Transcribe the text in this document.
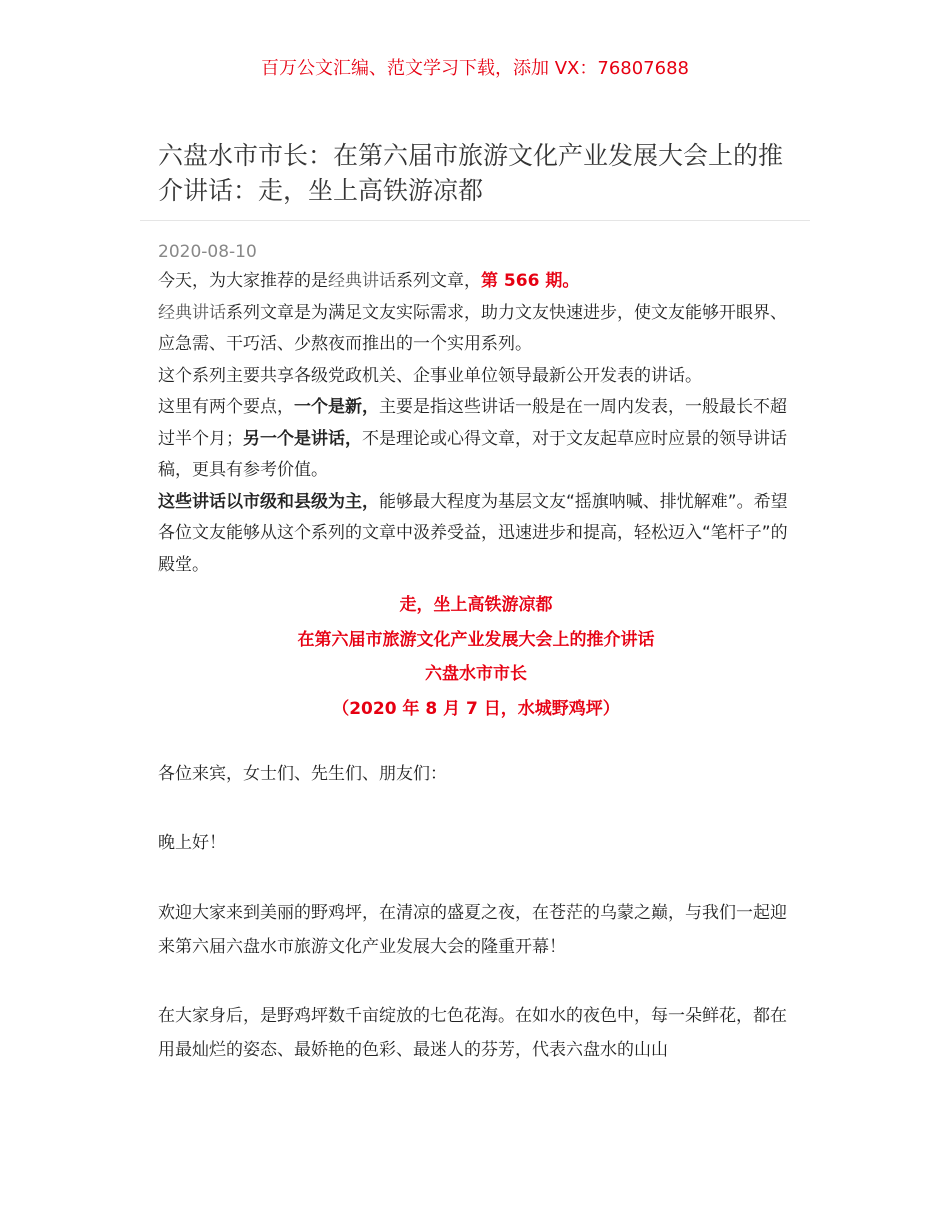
百万公文汇编、范文学习下载，添加 VX：76807688
六盘水市市长：在第六届市旅游文化产业发展大会上的推介讲话：走，坐上高铁游凉都
2020-08-10

今天，为大家推荐的是经典讲话系列文章，第 566 期。

经典讲话系列文章是为满足文友实际需求，助力文友快速进步，使文友能够开眼界、应急需、干巧活、少熬夜而推出的一个实用系列。

这个系列主要共享各级党政机关、企事业单位领导最新公开发表的讲话。

这里有两个要点，一个是新，主要是指这些讲话一般是在一周内发表，一般最长不超过半个月；另一个是讲话，不是理论或心得文章，对于文友起草应时应景的领导讲话稿，更具有参考价值。

这些讲话以市级和县级为主，能够最大程度为基层文友“摇旗呐喊、排忧解难”。希望各位文友能够从这个系列的文章中汲养受益，迅速进步和提高，轻松迈入“笔杆子”的殿堂。

走，坐上高铁游凉都
在第六届市旅游文化产业发展大会上的推介讲话
六盘水市市长
（2020 年 8 月 7 日，水城野鸡坪）

各位来宾，女士们、先生们、朋友们：

晚上好！

欢迎大家来到美丽的野鸡坪，在清凉的盛夏之夜，在苍茫的乌蒙之巅，与我们一起迎来第六届六盘水市旅游文化产业发展大会的隆重开幕！

在大家身后，是野鸡坪数千亩绽放的七色花海。在如水的夜色中，每一朵鲜花，都在用最灿烂的姿态、最娇艳的色彩、最迷人的芬芳，代表六盘水的山山
